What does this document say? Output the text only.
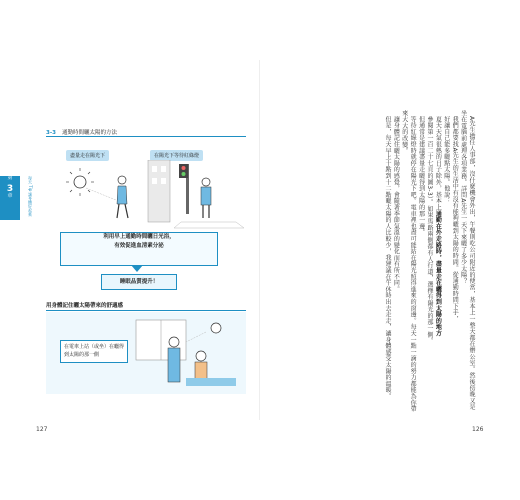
第
3
章	每天 Tip 讓身體好起來
3-3 通勤時間曬太陽的方法
盡量走在陽光下	在陽光下等待紅綠燈
利用早上通勤時間曬日光浴，
有效促進血清素分泌
睡眠品質提升！
用身體記住曬太陽帶來的舒適感
在電車上站（或坐）在曬得到太陽的那一側
127

A先生擔任人事部，沒什麼機會外出，午餐則吃公司附近的便當，基本上一整天都在辦公室。然後傍晚又是坐在電腦前處理各項業務。詳問A先生一天下來曬了多少太陽？

我們都要找A先生的生活中有沒有能夠曬到太陽的時間。從通勤時間下手，

好讓自己能多曬點太陽。他說：

夏天天氣很熱的日子除外，基本上通勤在外走路時，盡量走在曬得到太陽的地方

參閱第一百二十七頁的圖3-3）。如果馬路兩側都有人行道，選擇有陽光的那一側。

但通常是建議盡量走曬得到太陽的那一邊。

等待紅綠燈時就停在陽光下吧。電車裡也盡可能站在陽光照得進來的窗邊。每天一點一滴的努力都能為你帶來大大的改變。

讓身體記住曬太陽的感覺，會隨著季節氣溫的變化而有所不同。

但是，每天早上十點到十二點曬太陽的人比較少，我建議在午休時出去走走，讓身體感受太陽的溫暖。

126
